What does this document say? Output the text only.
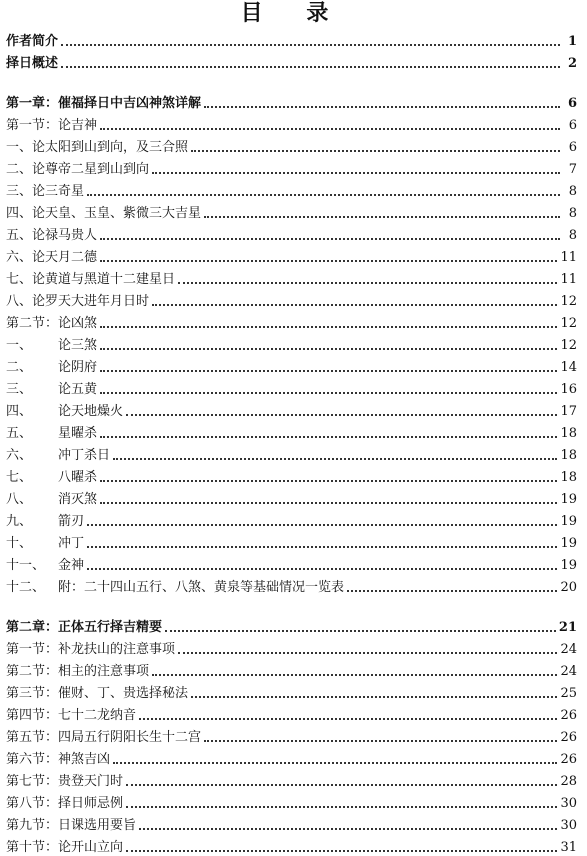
目 录
作者简介	1
择日概述	2
第一章： 催福择日中吉凶神煞详解	6
第一节： 论吉神	6
一、 论太阳到山到向，及三合照	6
二、 论尊帝二星到山到向	7
三、 论三奇星	8
四、 论天皇、玉皇、紫微三大吉星	8
五、 论禄马贵人	8
六、 论天月二德	11
七、 论黄道与黑道十二建星日	11
八、 论罗天大进年月日时	12
第二节： 论凶煞	12
一、	论三煞	12
二、	论阴府	14
三、	论五黄	16
四、	论天地燥火	17
五、	星曜杀	18
六、	冲丁杀日	18
七、	八曜杀	18
八、	消灭煞	19
九、	箭刃	19
十、	冲丁	19
十一、 金神	19
十二、 附：二十四山五行、八煞、黄泉等基础情况一览表	20
第二章： 正体五行择吉精要	21
第一节： 补龙扶山的注意事项	24
第二节： 相主的注意事项	24
第三节： 催财、丁、贵选择秘法	25
第四节： 七十二龙纳音	26
第五节： 四局五行阴阳长生十二宫	26
第六节： 神煞吉凶	26
第七节： 贵登天门时	28
第八节： 择日师忌例	30
第九节： 日课选用要旨	30
第十节： 论开山立向	31
